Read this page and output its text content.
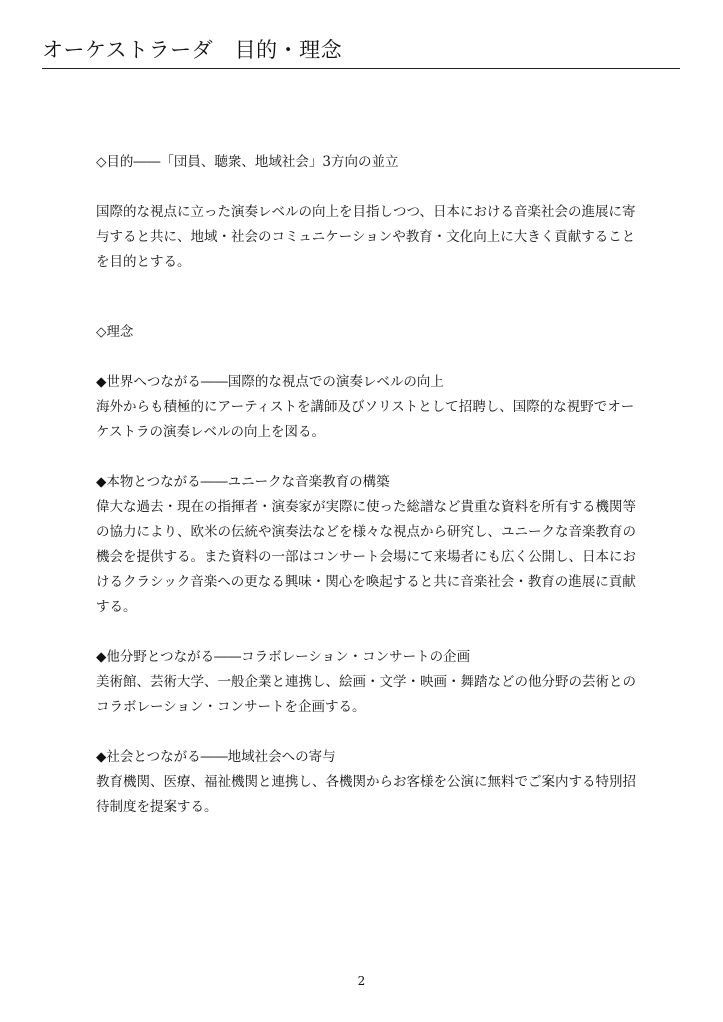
オーケストラーダ　目的・理念

◇目的――「団員、聴衆、地域社会」3方向の並立

国際的な視点に立った演奏レベルの向上を目指しつつ、日本における音楽社会の進展に寄与すると共に、地域・社会のコミュニケーションや教育・文化向上に大きく貢献することを目的とする。

◇理念

◆世界へつながる――国際的な視点での演奏レベルの向上

海外からも積極的にアーティストを講師及びソリストとして招聘し、国際的な視野でオーケストラの演奏レベルの向上を図る。

◆本物とつながる――ユニークな音楽教育の構築

偉大な過去・現在の指揮者・演奏家が実際に使った総譜など貴重な資料を所有する機関等の協力により、欧米の伝統や演奏法などを様々な視点から研究し、ユニークな音楽教育の機会を提供する。また資料の一部はコンサート会場にて来場者にも広く公開し、日本におけるクラシック音楽への更なる興味・関心を喚起すると共に音楽社会・教育の進展に貢献する。

◆他分野とつながる――コラボレーション・コンサートの企画

美術館、芸術大学、一般企業と連携し、絵画・文学・映画・舞踏などの他分野の芸術とのコラボレーション・コンサートを企画する。

◆社会とつながる――地域社会への寄与

教育機関、医療、福祉機関と連携し、各機関からお客様を公演に無料でご案内する特別招待制度を提案する。

2
